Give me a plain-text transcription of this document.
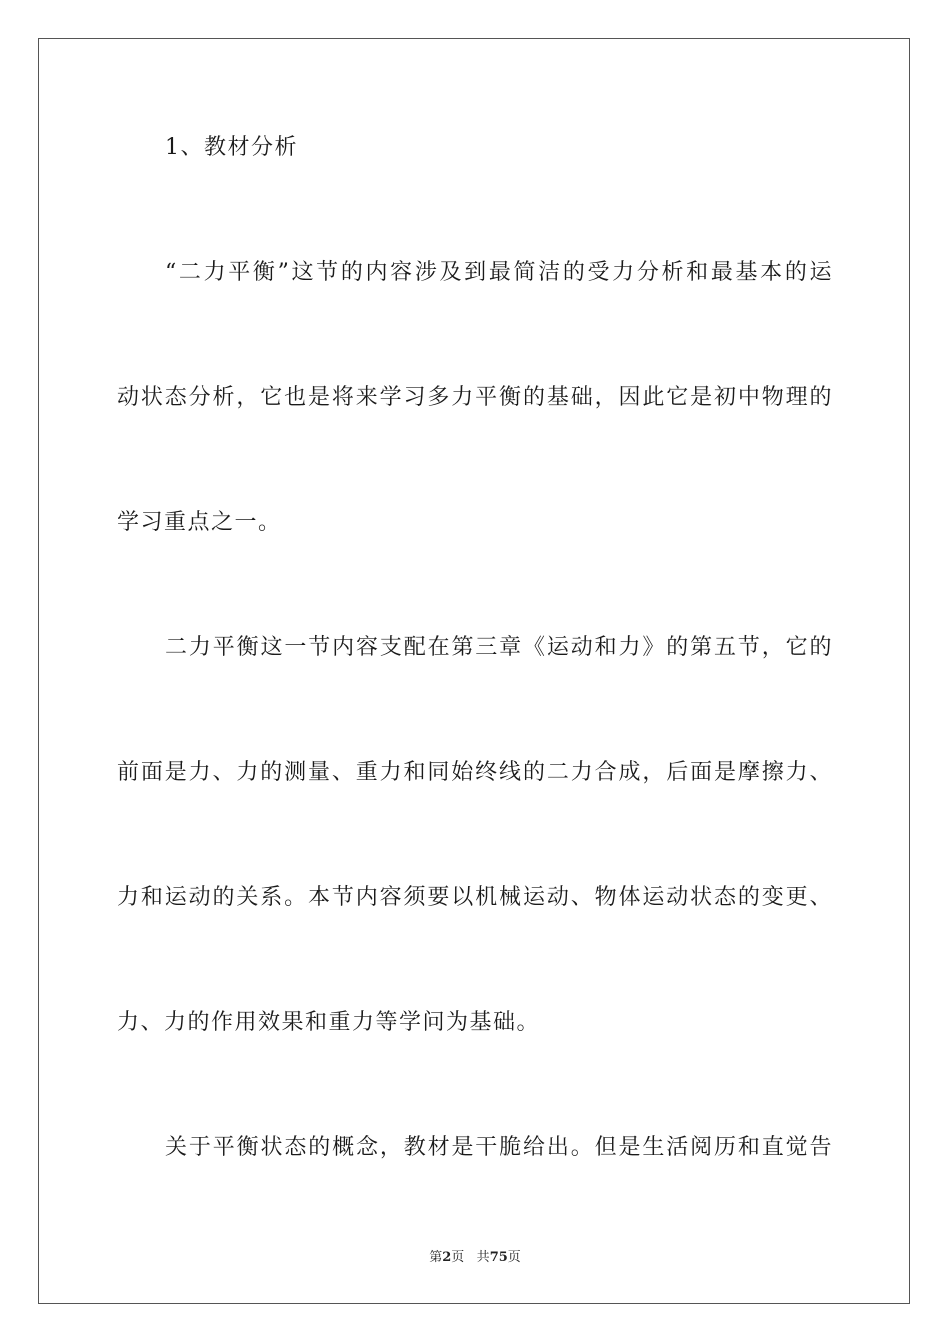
1、教材分析
“二力平衡”这节的内容涉及到最简洁的受力分析和最基本的运
动状态分析，它也是将来学习多力平衡的基础，因此它是初中物理的
学习重点之一。
二力平衡这一节内容支配在第三章《运动和力》的第五节，它的
前面是力、力的测量、重力和同始终线的二力合成，后面是摩擦力、
力和运动的关系。本节内容须要以机械运动、物体运动状态的变更、
力、力的作用效果和重力等学问为基础。
关于平衡状态的概念，教材是干脆给出。但是生活阅历和直觉告
第2页 共75页
